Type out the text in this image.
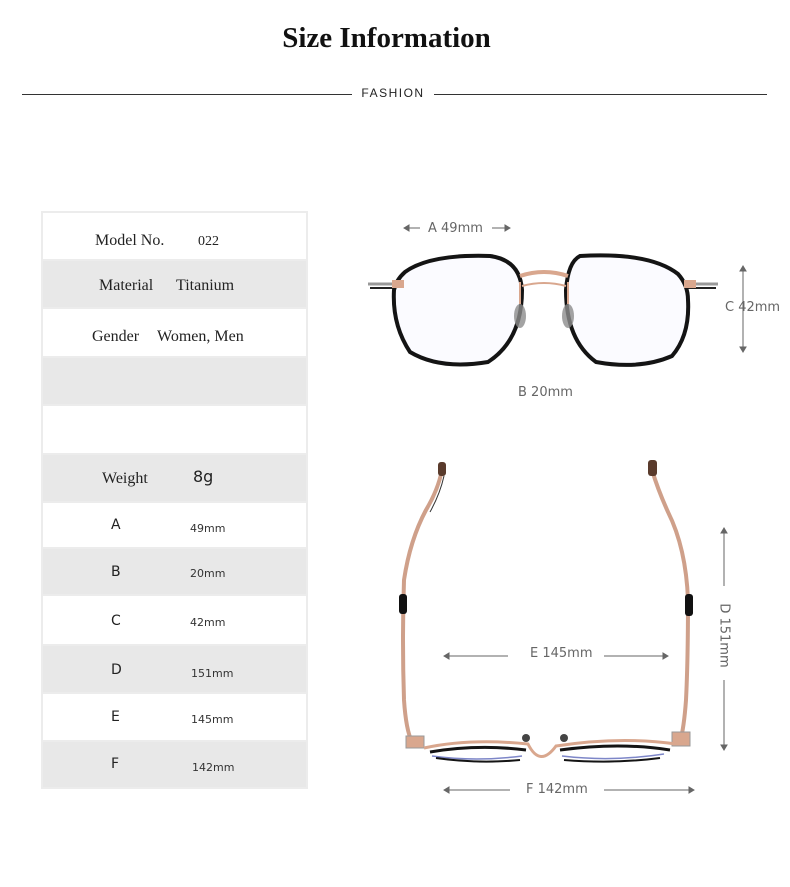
Size Information
FASHION
Model No. 022
Material Titanium
Gender Women, Men
Weight	8g
A	49mm
B	20mm
C	42mm
D	151mm
E	145mm
F	142mm
A 49mm
C 42mm
B 20mm
E 145mm	D 151mm
F 142mm
